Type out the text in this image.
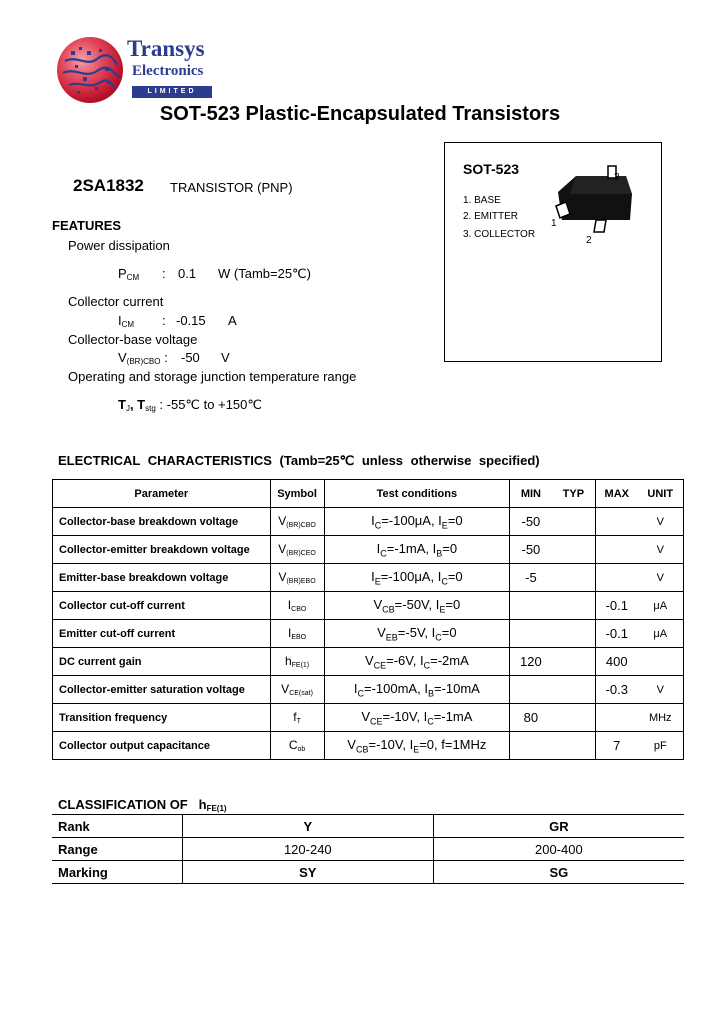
Transys
Electronics
LIMITED
SOT-523 Plastic-Encapsulated Transistors
2SA1832 TRANSISTOR (PNP)
SOT-523
1. BASE
2. EMITTER
3. COLLECTOR
3
1
2
FEATURES
Power dissipation
$P_{CM}$ : 0.1 W (Tamb=25℃)
Collector current
$I_{CM}$ : -0.15 A
Collector-base voltage
$V_{(BR)CBO}$ : -50 V
Operating and storage junction temperature range
$T_J$, $T_{stg}$ : -55℃ to +150℃
ELECTRICAL CHARACTERISTICS (Tamb=25℃ unless otherwise specified)
Parameter	Symbol	Test conditions	MIN	TYP	MAX	UNIT
Collector-base breakdown voltage	$V_{(BR)CBO}$	$I_C=-100\mu A$, $I_E=0$	-50			V
Collector-emitter breakdown voltage	$V_{(BR)CEO}$	$I_C=-1mA$, $I_B=0$	-50			V
Emitter-base breakdown voltage	$V_{(BR)EBO}$	$I_E=-100\mu A$, $I_C=0$	-5			V
Collector cut-off current	$I_{CBO}$	$V_{CB}=-50V$, $I_E=0$			-0.1	μA
Emitter cut-off current	$I_{EBO}$	$V_{EB}=-5V$, $I_C=0$			-0.1	μA
DC current gain	$h_{FE(1)}$	$V_{CE}=-6V$, $I_C=-2mA$	120		400	
Collector-emitter saturation voltage	$V_{CE(sat)}$	$I_C=-100mA$, $I_B=-10mA$			-0.3	V
Transition frequency	$f_T$	$V_{CE}=-10V$, $I_C=-1mA$	80			MHz
Collector output capacitance	$C_{ob}$	$V_{CB}=-10V$, $I_E=0$, f=1MHz			7	pF
CLASSIFICATION OF $h_{FE(1)}$
Rank	Y	GR
Range	120-240	200-400
Marking	SY	SG
